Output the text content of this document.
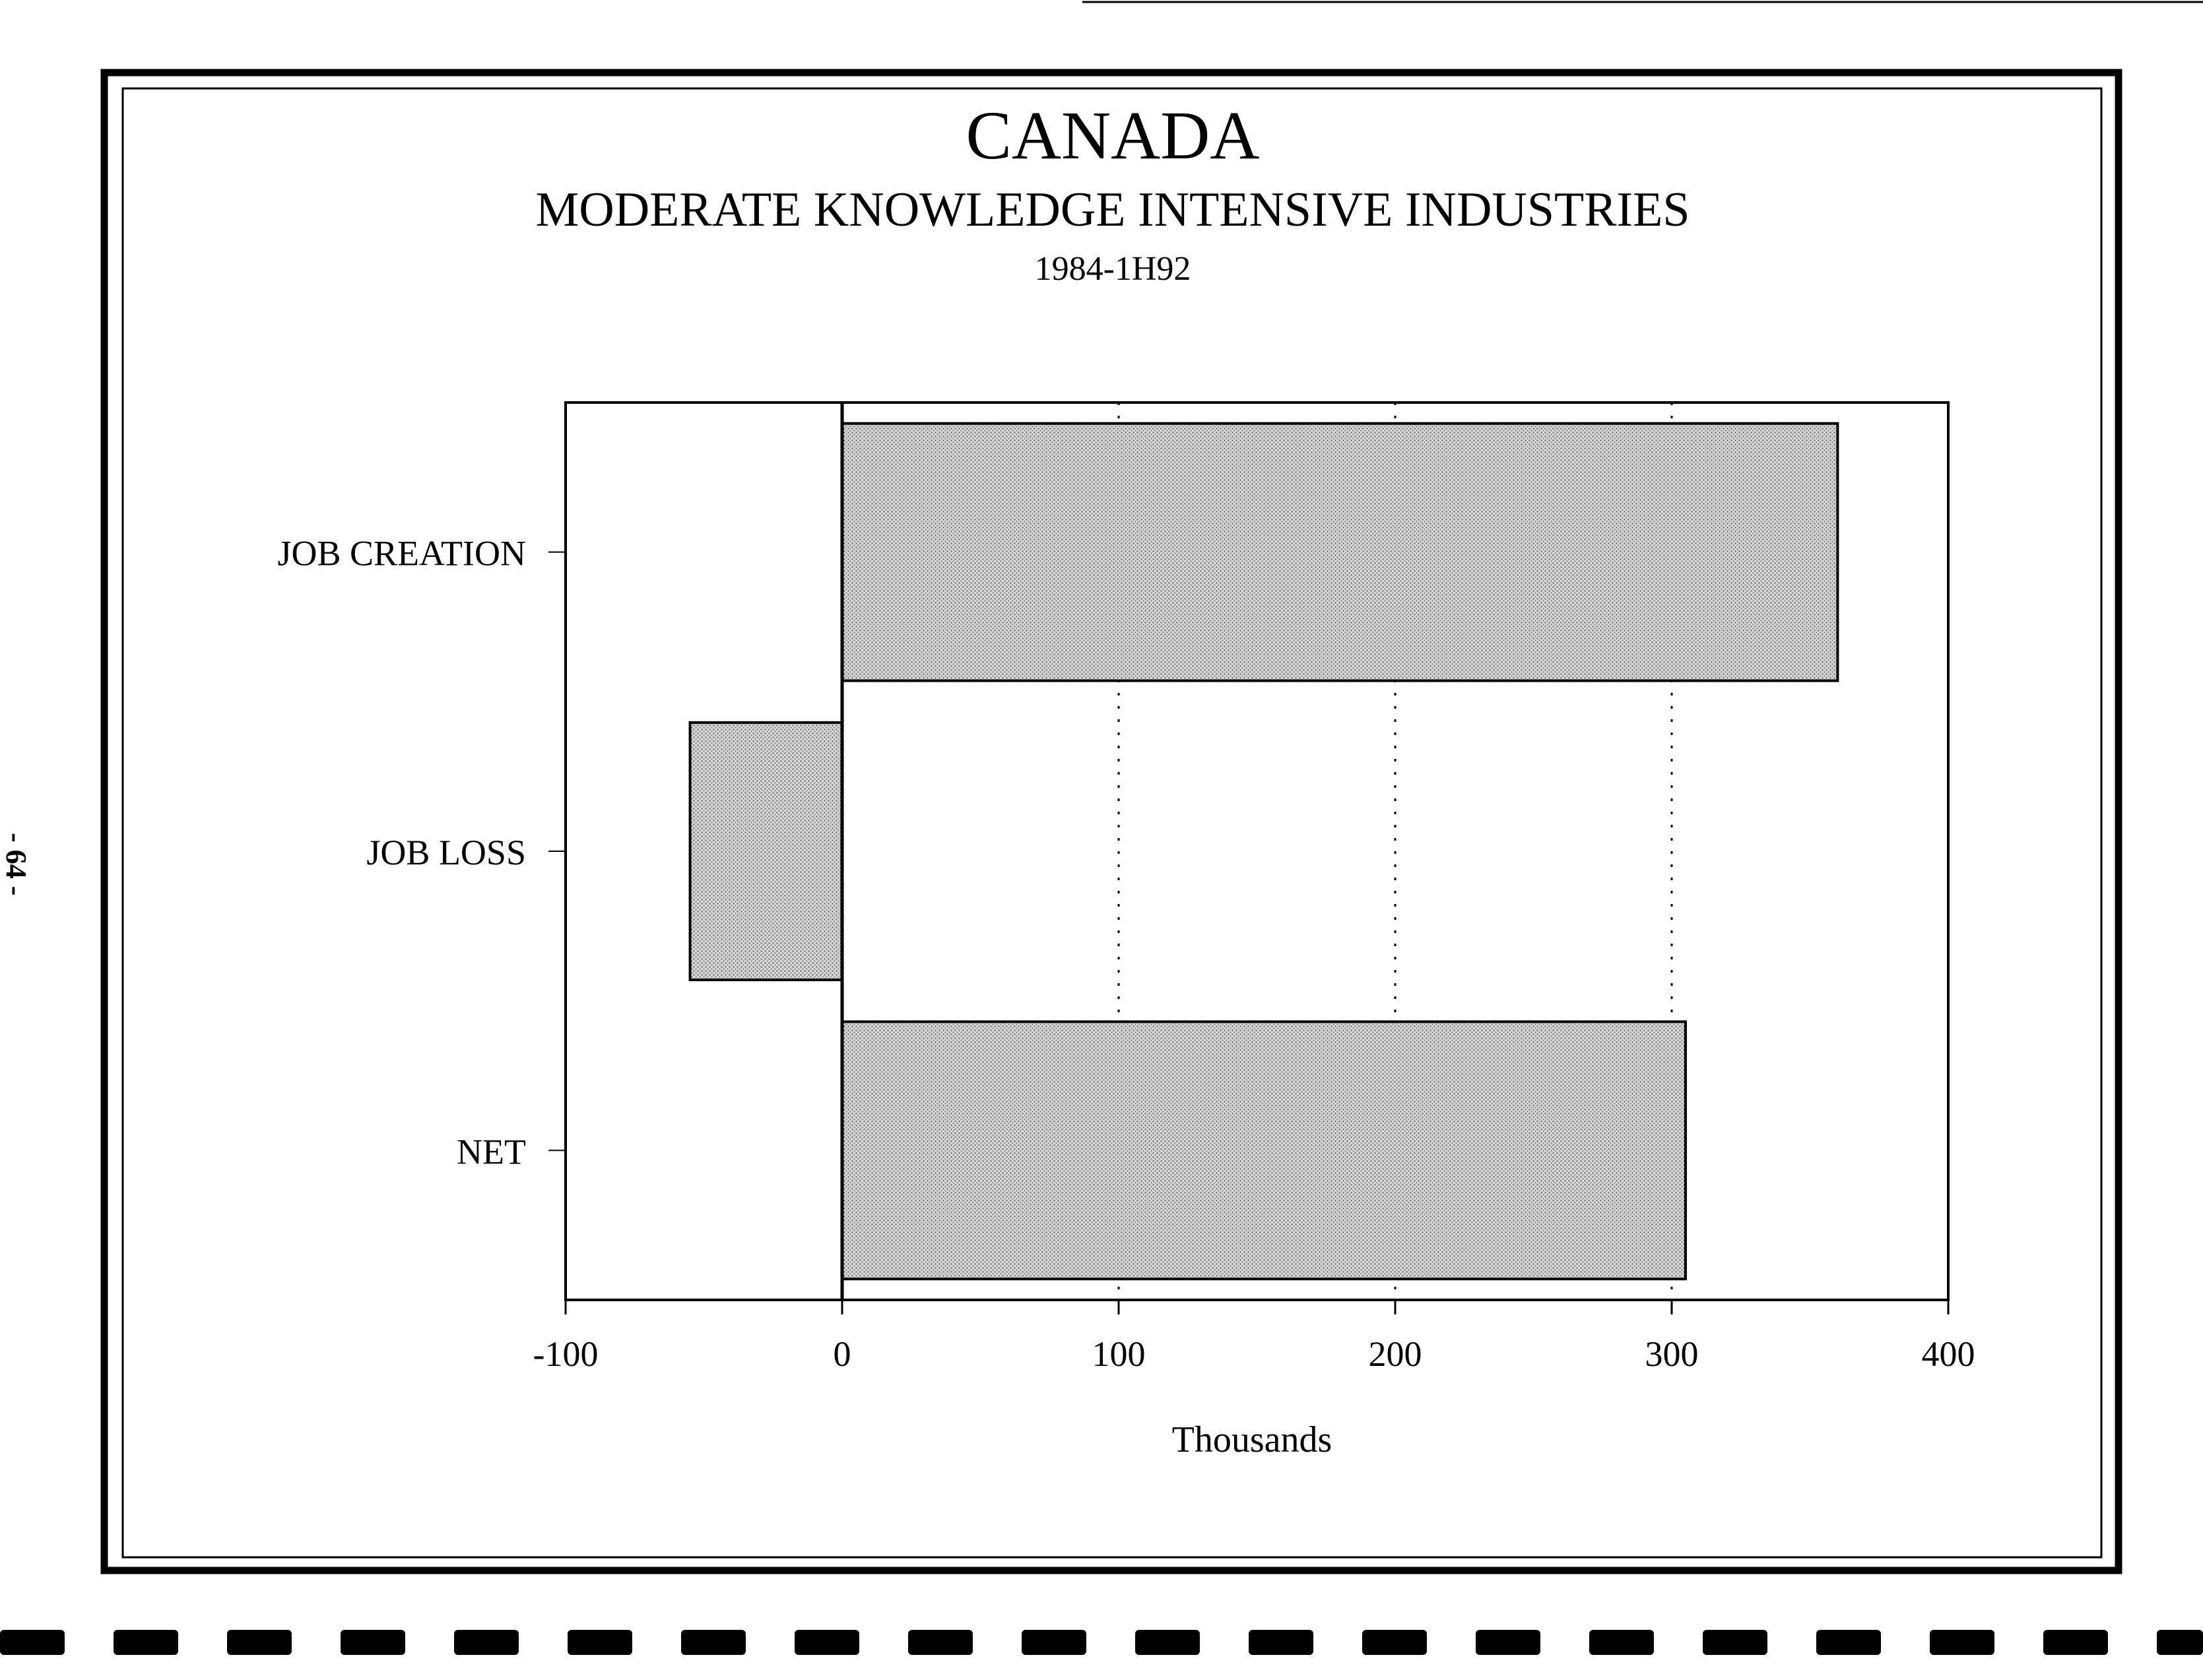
CANADA
MODERATE KNOWLEDGE INTENSIVE INDUSTRIES
1984-1H92
-100	0	100	200	300	400
JOB CREATION
JOB LOSS
NET
Thousands
- 64 -
